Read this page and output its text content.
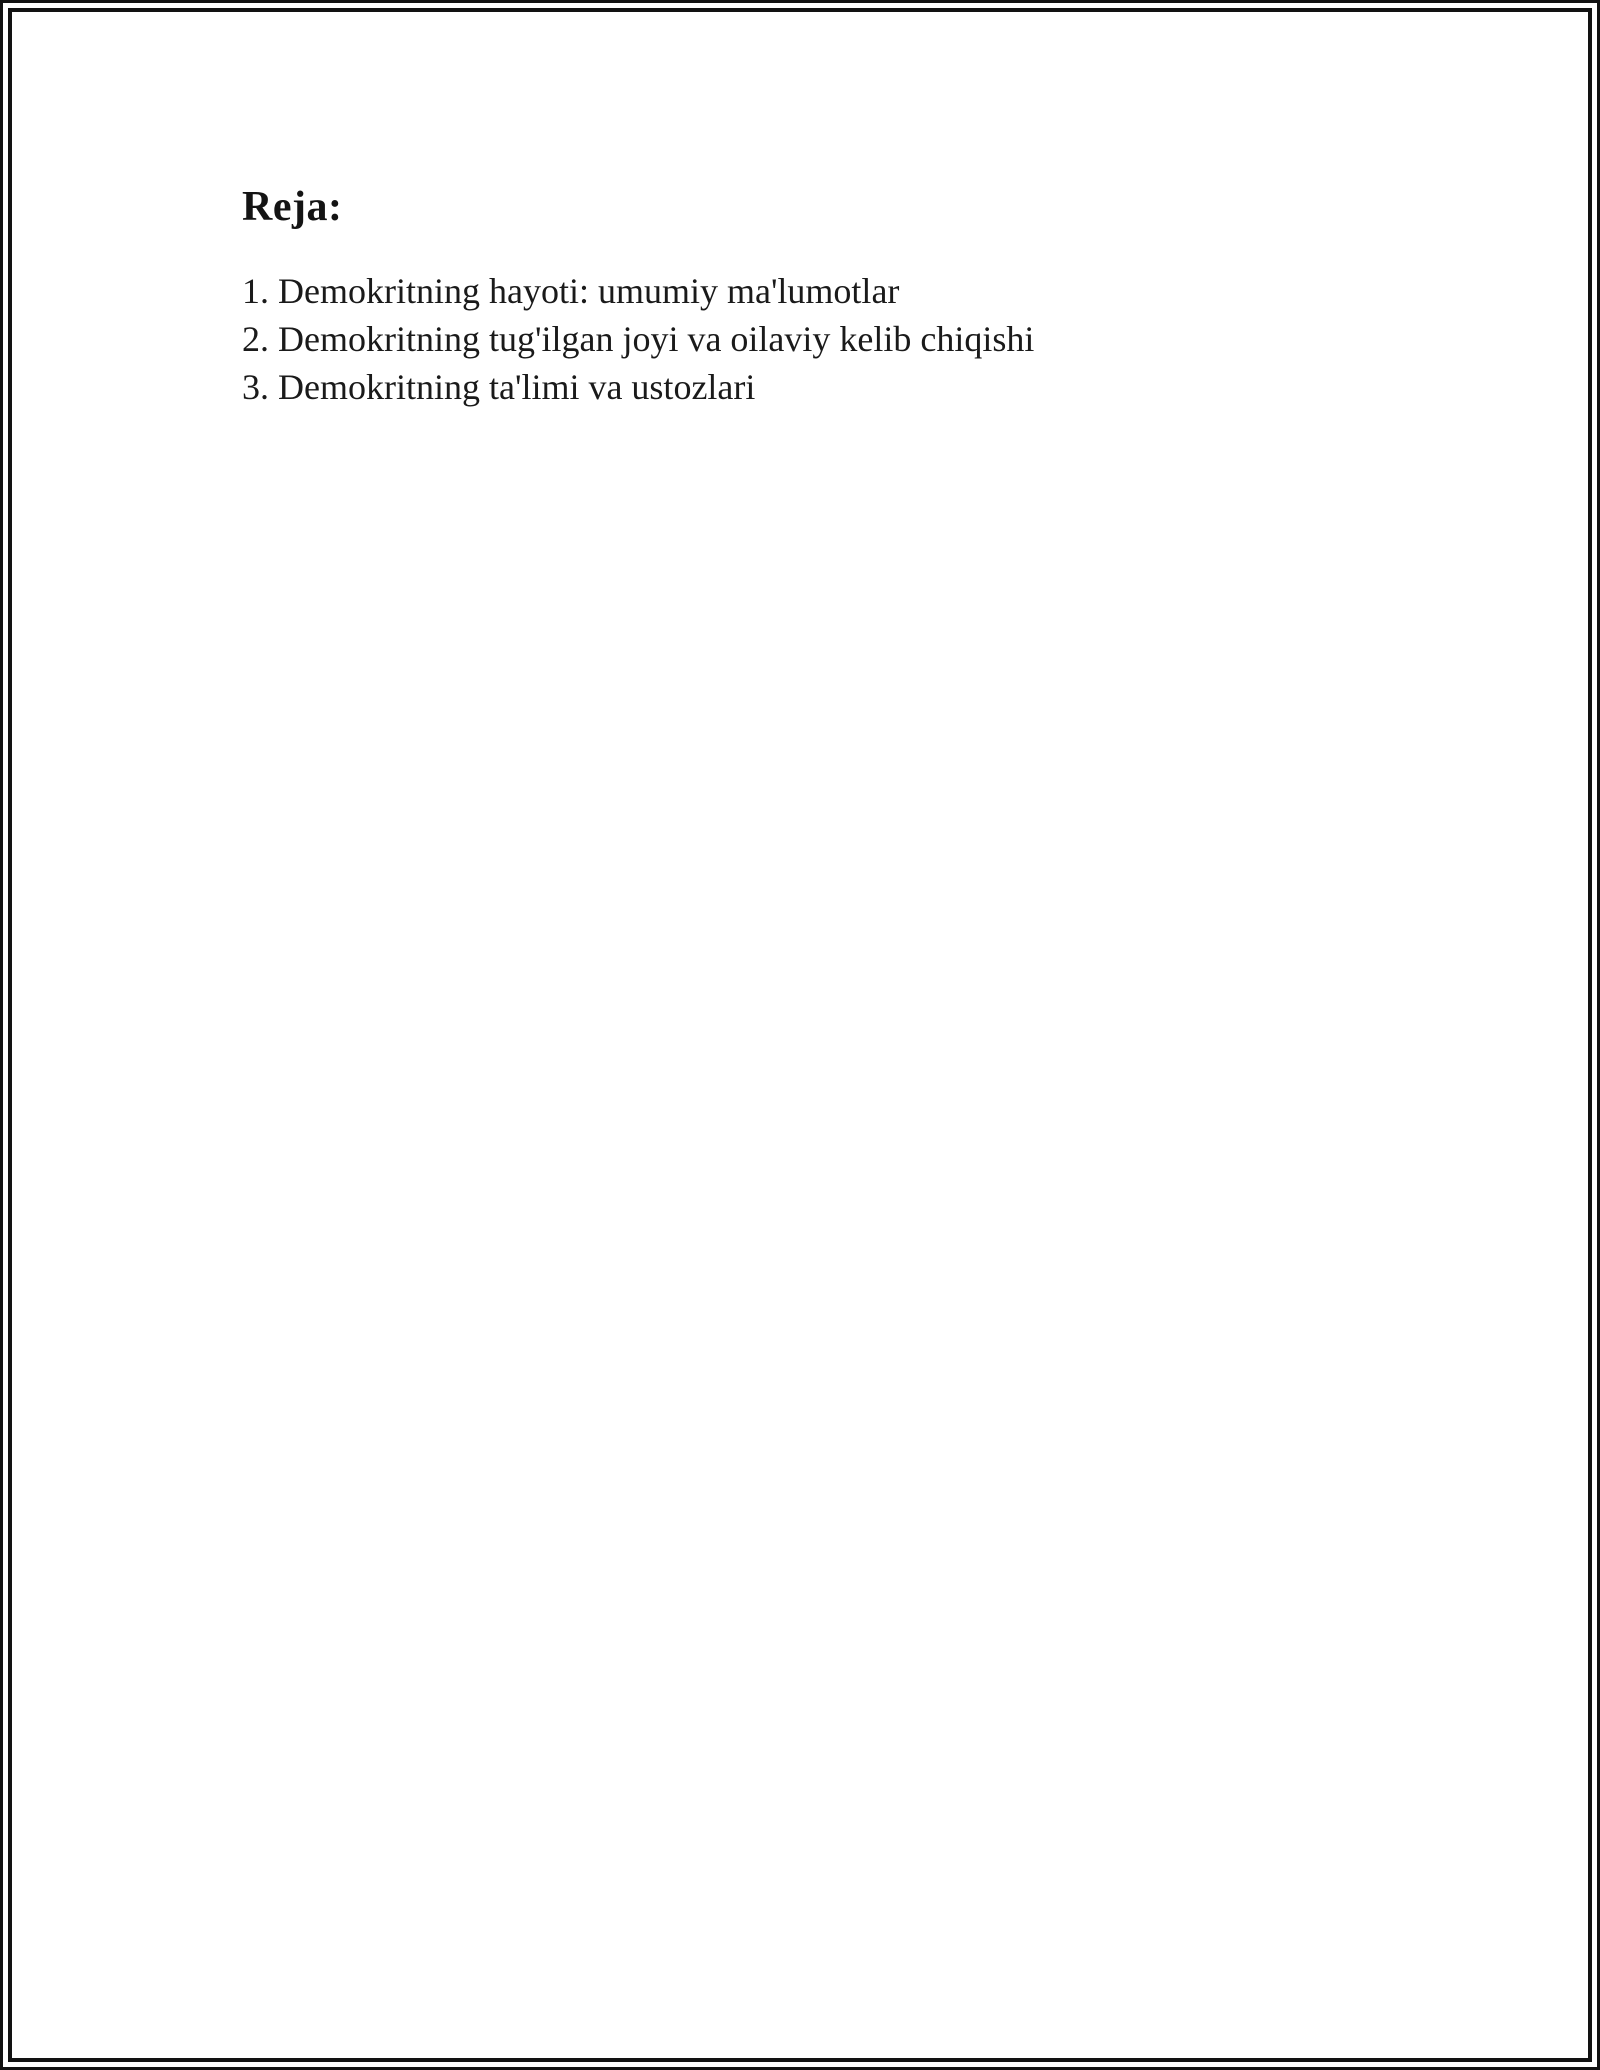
Reja:
1. Demokritning hayoti: umumiy ma'lumotlar
2. Demokritning tug'ilgan joyi va oilaviy kelib chiqishi
3. Demokritning ta'limi va ustozlari
